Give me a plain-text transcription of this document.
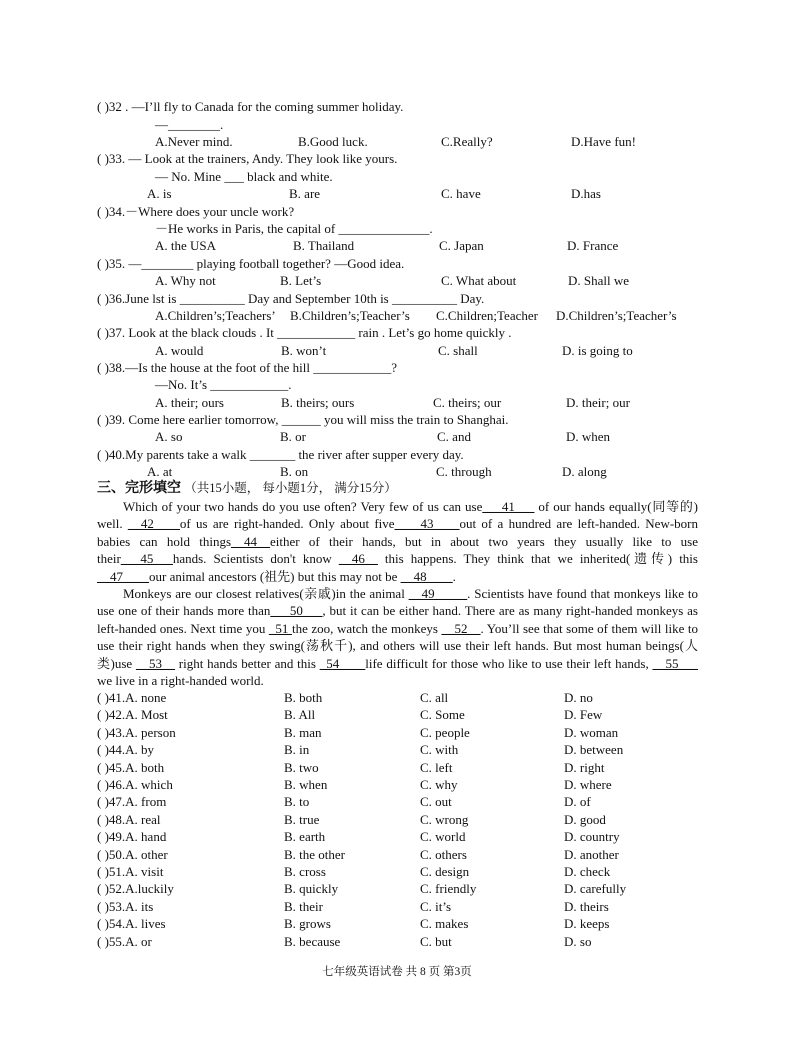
( )32 . —I’ll fly to Canada for the coming summer holiday.
—________.
A.Never mind.	B.Good luck.	C.Really?	D.Have fun!
( )33. — Look at the trainers, Andy. They look like yours.
— No. Mine ___ black and white.
A. is	B. are	C. have	D.has
( )34.－Where does your uncle work?
－He works in Paris, the capital of ______________.
A. the USA	B. Thailand	C. Japan	D. France
( )35. —________ playing football together? —Good idea.
A. Why not	B. Let’s	C. What about	D. Shall we
( )36.June lst is __________ Day and September 10th is __________ Day.
A.Children’s;Teachers’ B.Children’s;Teacher’s C.Children;Teacher D.Children’s;Teacher’s
( )37. Look at the black clouds . It ____________ rain . Let’s go home quickly .
A. would	B. won’t	C. shall	D. is going to
( )38.—Is the house at the foot of the hill ____________?
—No. It’s ____________.
A. their; ours	B. theirs; ours	C. theirs; our	D. their; our
( )39. Come here earlier tomorrow, ______ you will miss the train to Shanghai.
A. so	B. or	C. and	D. when
( )40.My parents take a walk _______ the river after supper every day.
A. at	B. on	C. through	D. along
三、完形填空 （共15小题， 每小题1分， 满分15分）

Which of your two hands do you use often? Very few of us can use___41___ of our hands equally(同等的) well. __42____of us are right-handed. Only about five____43____out of a hundred are left-handed. New-born babies can hold things__44__either of their hands, but in about two years they usually like to use their___45___hands. Scientists don't know __46__ this happens. They think that we inherited(遗传) this __47____our animal ancestors (祖先) but this may not be __48____.

Monkeys are our closest relatives(亲戚)in the animal __49_____. Scientists have found that monkeys like to use one of their hands more than___50___, but it can be either hand. There are as many right-handed monkeys as left-handed ones. Next time you _51 the zoo, watch the monkeys __52__. You’ll see that some of them will like to use their right hands when they swing(荡秋千), and others will use their left hands. But most human beings(人类)use __53__ right hands better and this _54____life difficult for those who like to use their left hands, __55___ we live in a right-handed world.

( )41.A. none	B. both	C. all	D. no
( )42.A. Most	B. All	C. Some	D. Few
( )43.A. person	B. man	C. people	D. woman
( )44.A. by	B. in	C. with	D. between
( )45.A. both	B. two	C. left	D. right
( )46.A. which	B. when	C. why	D. where
( )47.A. from	B. to	C. out	D. of
( )48.A. real	B. true	C. wrong	D. good
( )49.A. hand	B. earth	C. world	D. country
( )50.A. other	B. the other	C. others	D. another
( )51.A. visit	B. cross	C. design	D. check
( )52.A.luckily	B. quickly	C. friendly	D. carefully
( )53.A. its	B. their	C. it’s	D. theirs
( )54.A. lives	B. grows	C. makes	D. keeps
( )55.A. or	B. because	C. but	D. so
七年级英语试卷 共 8 页 第3页
